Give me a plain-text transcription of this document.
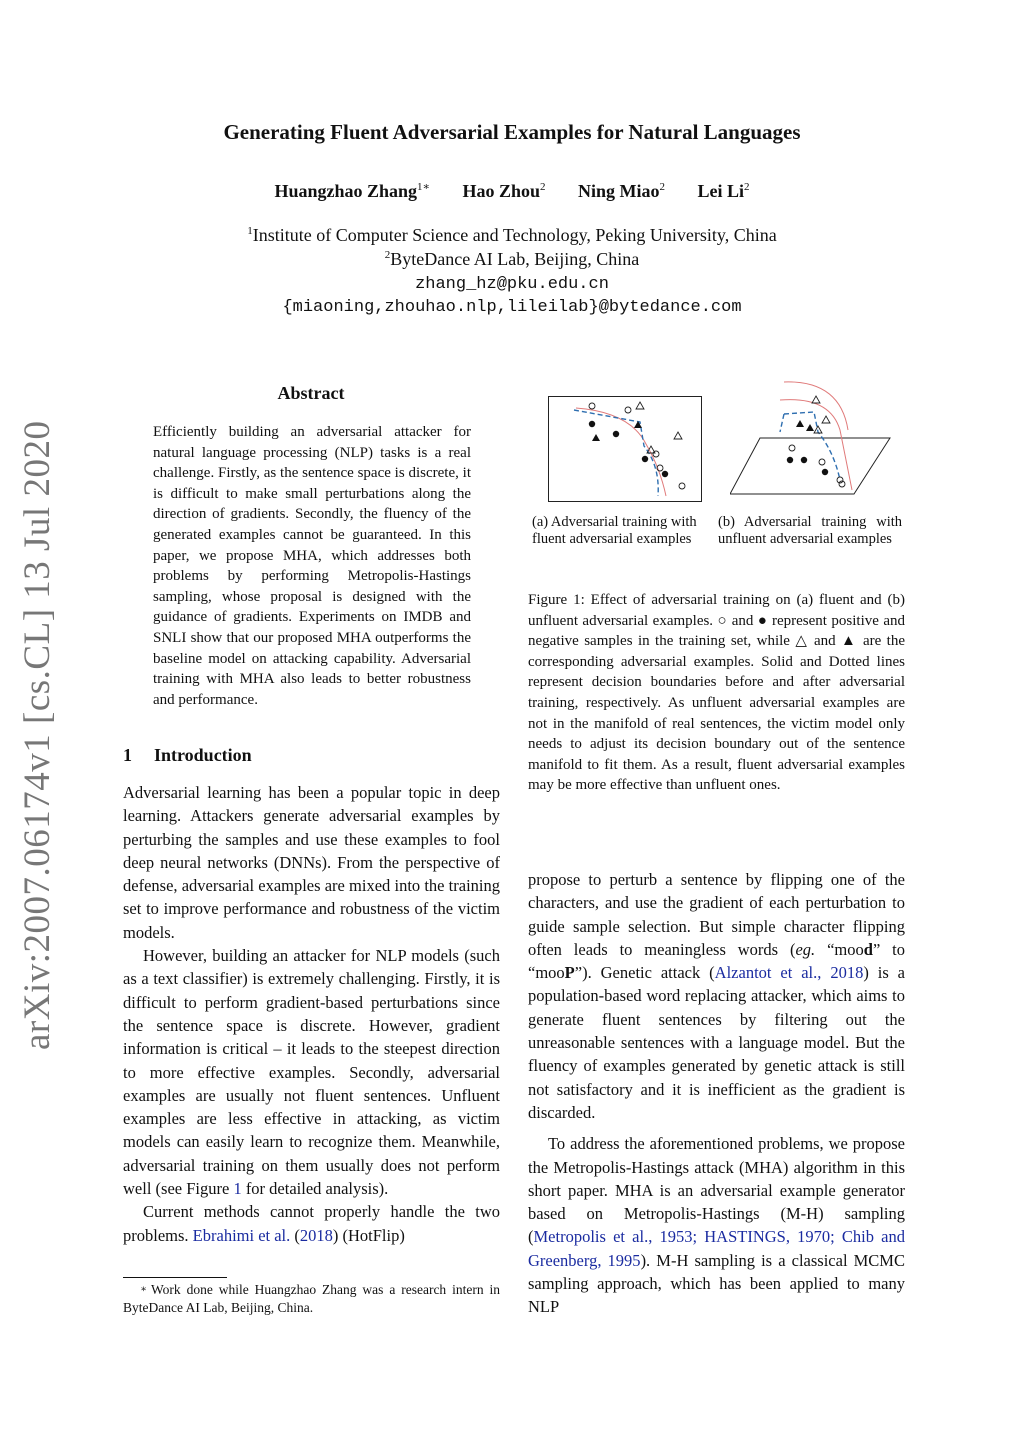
arXiv:2007.06174v1 [cs.CL] 13 Jul 2020
Generating Fluent Adversarial Examples for Natural Languages
Huangzhao Zhang$^{1∗}$ Hao Zhou$^2$ Ning Miao$^2$ Lei Li$^2$
$^1$Institute of Computer Science and Technology, Peking University, China
$^2$ByteDance AI Lab, Beijing, China
zhang_hz@pku.edu.cn
{miaoning,zhouhao.nlp,lileilab}@bytedance.com
Abstract
Efficiently building an adversarial attacker for natural language processing (NLP) tasks is a real challenge. Firstly, as the sentence space is discrete, it is difficult to make small perturbations along the direction of gradients. Secondly, the fluency of the generated examples cannot be guaranteed. In this paper, we propose MHA, which addresses both problems by performing Metropolis-Hastings sampling, whose proposal is designed with the guidance of gradients. Experiments on IMDB and SNLI show that our proposed MHA outperforms the baseline model on attacking capability. Adversarial training with MHA also leads to better robustness and performance.
1 Introduction

Adversarial learning has been a popular topic in deep learning. Attackers generate adversarial examples by perturbing the samples and use these examples to fool deep neural networks (DNNs). From the perspective of defense, adversarial examples are mixed into the training set to improve performance and robustness of the victim models.

However, building an attacker for NLP models (such as a text classifier) is extremely challenging. Firstly, it is difficult to perform gradient-based perturbations since the sentence space is discrete. However, gradient information is critical – it leads to the steepest direction to more effective examples. Secondly, adversarial examples are usually not fluent sentences. Unfluent examples are less effective in attacking, as victim models can easily learn to recognize them. Meanwhile, adversarial training on them usually does not perform well (see Figure 1 for detailed analysis).

Current methods cannot properly handle the two problems. Ebrahimi et al. (2018) (HotFlip)

∗ Work done while Huangzhao Zhang was a research intern in ByteDance AI Lab, Beijing, China.
(a) Adversarial training with fluent adversarial examples
(b) Adversarial training with unfluent adversarial examples
Figure 1: Effect of adversarial training on (a) fluent and (b) unfluent adversarial examples. ○ and ● represent positive and negative samples in the training set, while △ and ▲ are the corresponding adversarial examples. Solid and Dotted lines represent decision boundaries before and after adversarial training, respectively. As unfluent adversarial examples are not in the manifold of real sentences, the victim model only needs to adjust its decision boundary out of the sentence manifold to fit them. As a result, fluent adversarial examples may be more effective than unfluent ones.

propose to perturb a sentence by flipping one of the characters, and use the gradient of each perturbation to guide sample selection. But simple character flipping often leads to meaningless words (eg. “mood” to “mooP”). Genetic attack (Alzantot et al., 2018) is a population-based word replacing attacker, which aims to generate fluent sentences by filtering out the unreasonable sentences with a language model. But the fluency of examples generated by genetic attack is still not satisfactory and it is inefficient as the gradient is discarded.

To address the aforementioned problems, we propose the Metropolis-Hastings attack (MHA) algorithm in this short paper. MHA is an adversarial example generator based on Metropolis-Hastings (M-H) sampling (Metropolis et al., 1953; HASTINGS, 1970; Chib and Greenberg, 1995). M-H sampling is a classical MCMC sampling approach, which has been applied to many NLP
